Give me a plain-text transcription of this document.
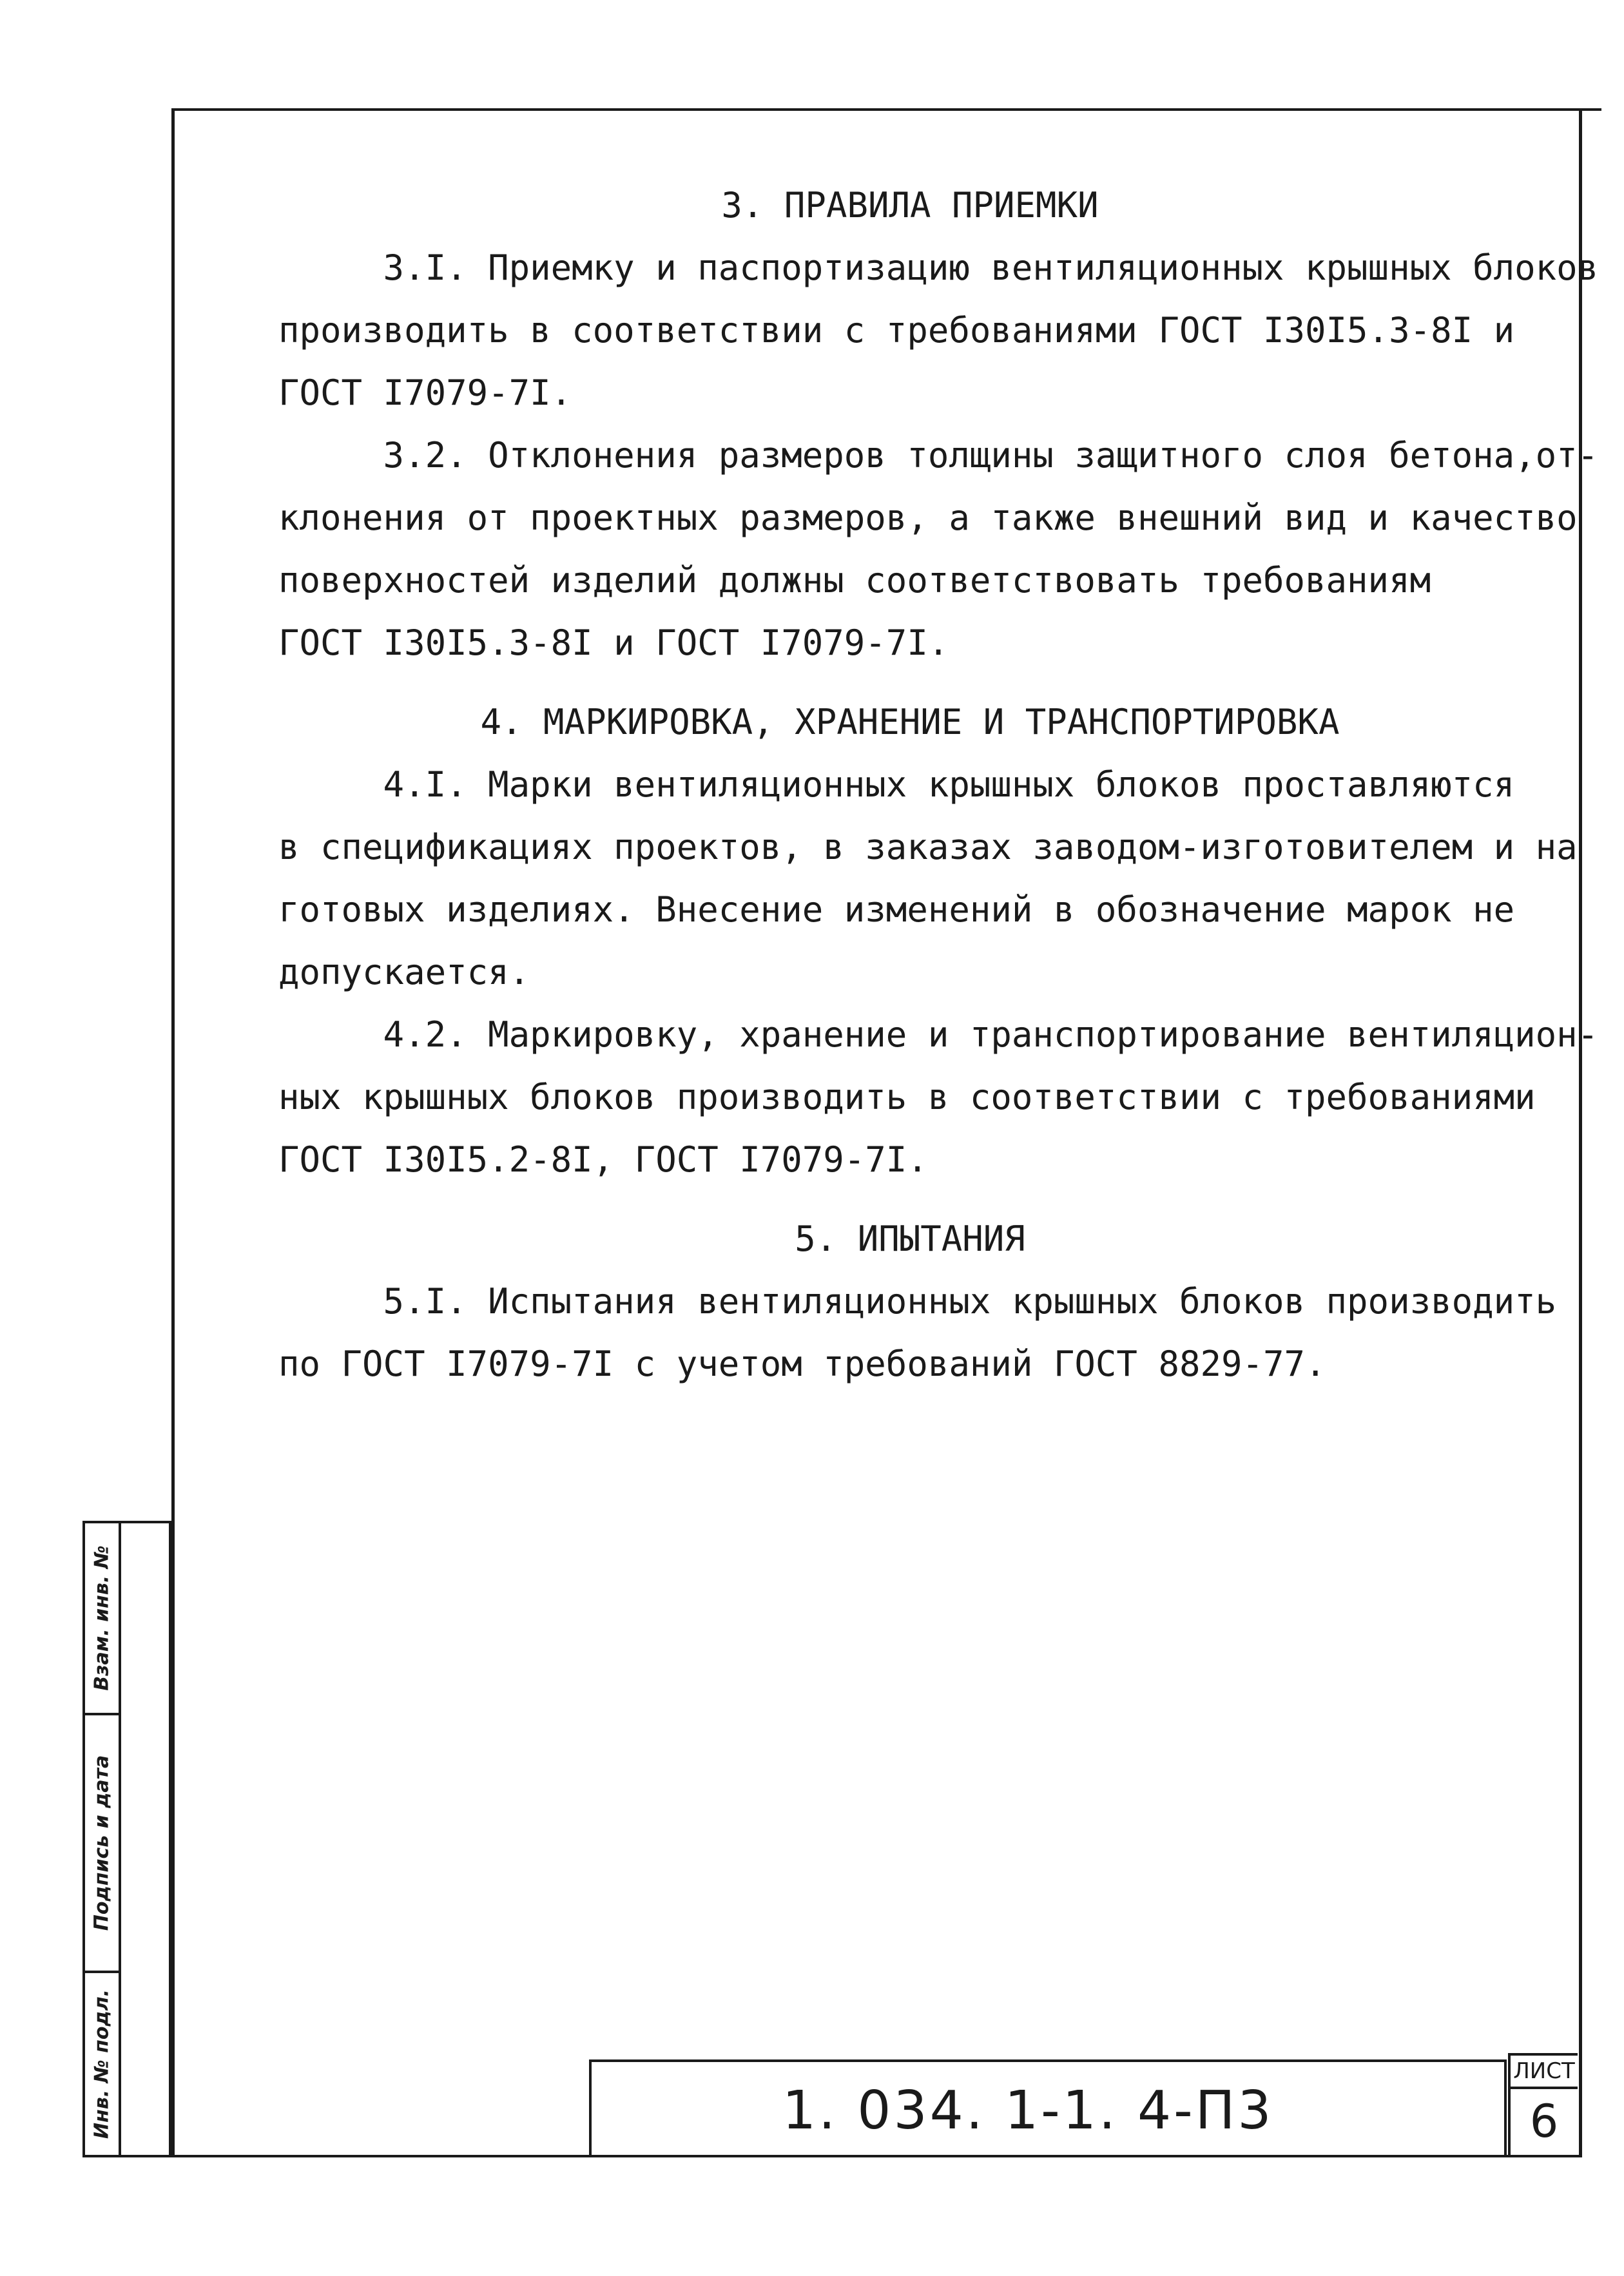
3. ПРАВИЛА ПРИЕМКИ
3.I. Приемку и паспортизацию вентиляционных крышных блоков
производить в соответствии с требованиями ГОСТ I30I5.3-8I и
ГОСТ I7079-7I.
3.2. Отклонения размеров толщины защитного слоя бетона,от-
клонения от проектных размеров, а также внешний вид и качество
поверхностей изделий должны соответствовать требованиям
ГОСТ I30I5.3-8I и ГОСТ I7079-7I.
4. МАРКИРОВКА, ХРАНЕНИЕ И ТРАНСПОРТИРОВКА
4.I. Марки вентиляционных крышных блоков проставляются
в спецификациях проектов, в заказах заводом-изготовителем и на
готовых изделиях. Внесение изменений в обозначение марок не
допускается.
4.2. Маркировку, хранение и транспортирование вентиляцион-
ных крышных блоков производить в соответствии с требованиями
ГОСТ I30I5.2-8I, ГОСТ I7079-7I.
5. ИПЫТАНИЯ
5.I. Испытания вентиляционных крышных блоков производить
по ГОСТ I7079-7I с учетом требований ГОСТ 8829-77.
Взам. инв. №
Подпись и дата
Инв. № подл.	1. 034. 1-1. 4-П3
ЛИСТ
6
